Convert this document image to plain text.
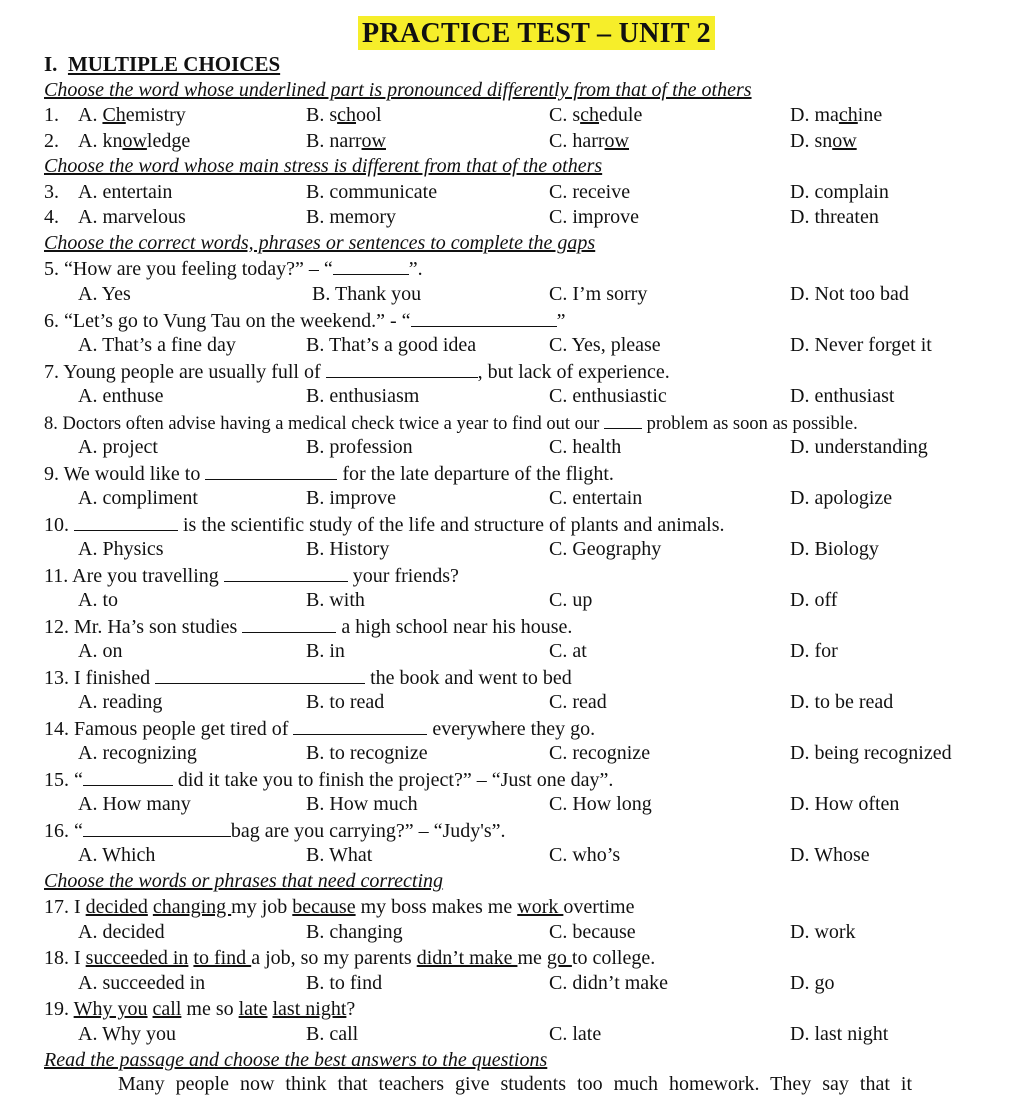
PRACTICE TEST – UNIT 2
I. MULTIPLE CHOICES
Choose the word whose underlined part is pronounced differently from that of the others
1. A. Chemistry	B. school	C. schedule	D. machine
2. A. knowledge	B. narrow	C. harrow	D. snow
Choose the word whose main stress is different from that of the others
3. A. entertain	B. communicate	C. receive	D. complain
4. A. marvelous	B. memory	C. improve	D. threaten
Choose the correct words, phrases or sentences to complete the gaps
5. “How are you feeling today?” – “	”.
A. Yes	B. Thank you	C. I’m sorry	D. Not too bad
6. “Let’s go to Vung Tau on the weekend.” - “	”
A. That’s a fine day	B. That’s a good idea	C. Yes, please	D. Never forget it
7. Young people are usually full of	, but lack of experience.
A. enthuse	B. enthusiasm	C. enthusiastic	D. enthusiast
8. Doctors often advise having a medical check twice a year to find out our  problem as soon as possible.
A. project	B. profession	C. health	D. understanding
9. We would like to	for the late departure of the flight.
A. compliment	B. improve	C. entertain	D. apologize
10.	is the scientific study of the life and structure of plants and animals.
A. Physics	B. History	C. Geography	D. Biology
11. Are you travelling	your friends?
A. to	B. with	C. up	D. off
12. Mr. Ha’s son studies	a high school near his house.
A. on	B. in	C. at	D. for
13. I finished	the book and went to bed
A. reading	B. to read	C. read	D. to be read
14. Famous people get tired of	everywhere they go.
A. recognizing	B. to recognize	C. recognize	D. being recognized
15. “	did it take you to finish the project?” – “Just one day”.
A. How many	B. How much	C. How long	D. How often
16. “	bag are you carrying?” – “Judy's”.
A. Which	B. What	C. who’s	D. Whose
Choose the words or phrases that need correcting
17. I decided changing my job because my boss makes me work overtime
A. decided	B. changing	C. because	D. work
18. I succeeded in to find a job, so my parents didn’t make me go to college.
A. succeeded in	B. to find	C. didn’t make	D. go
19. Why you call me so late last night?
A. Why you	B. call	C. late	D. last night
Read the passage and choose the best answers to the questions
Many people now think that teachers give students too much homework. They say that it
